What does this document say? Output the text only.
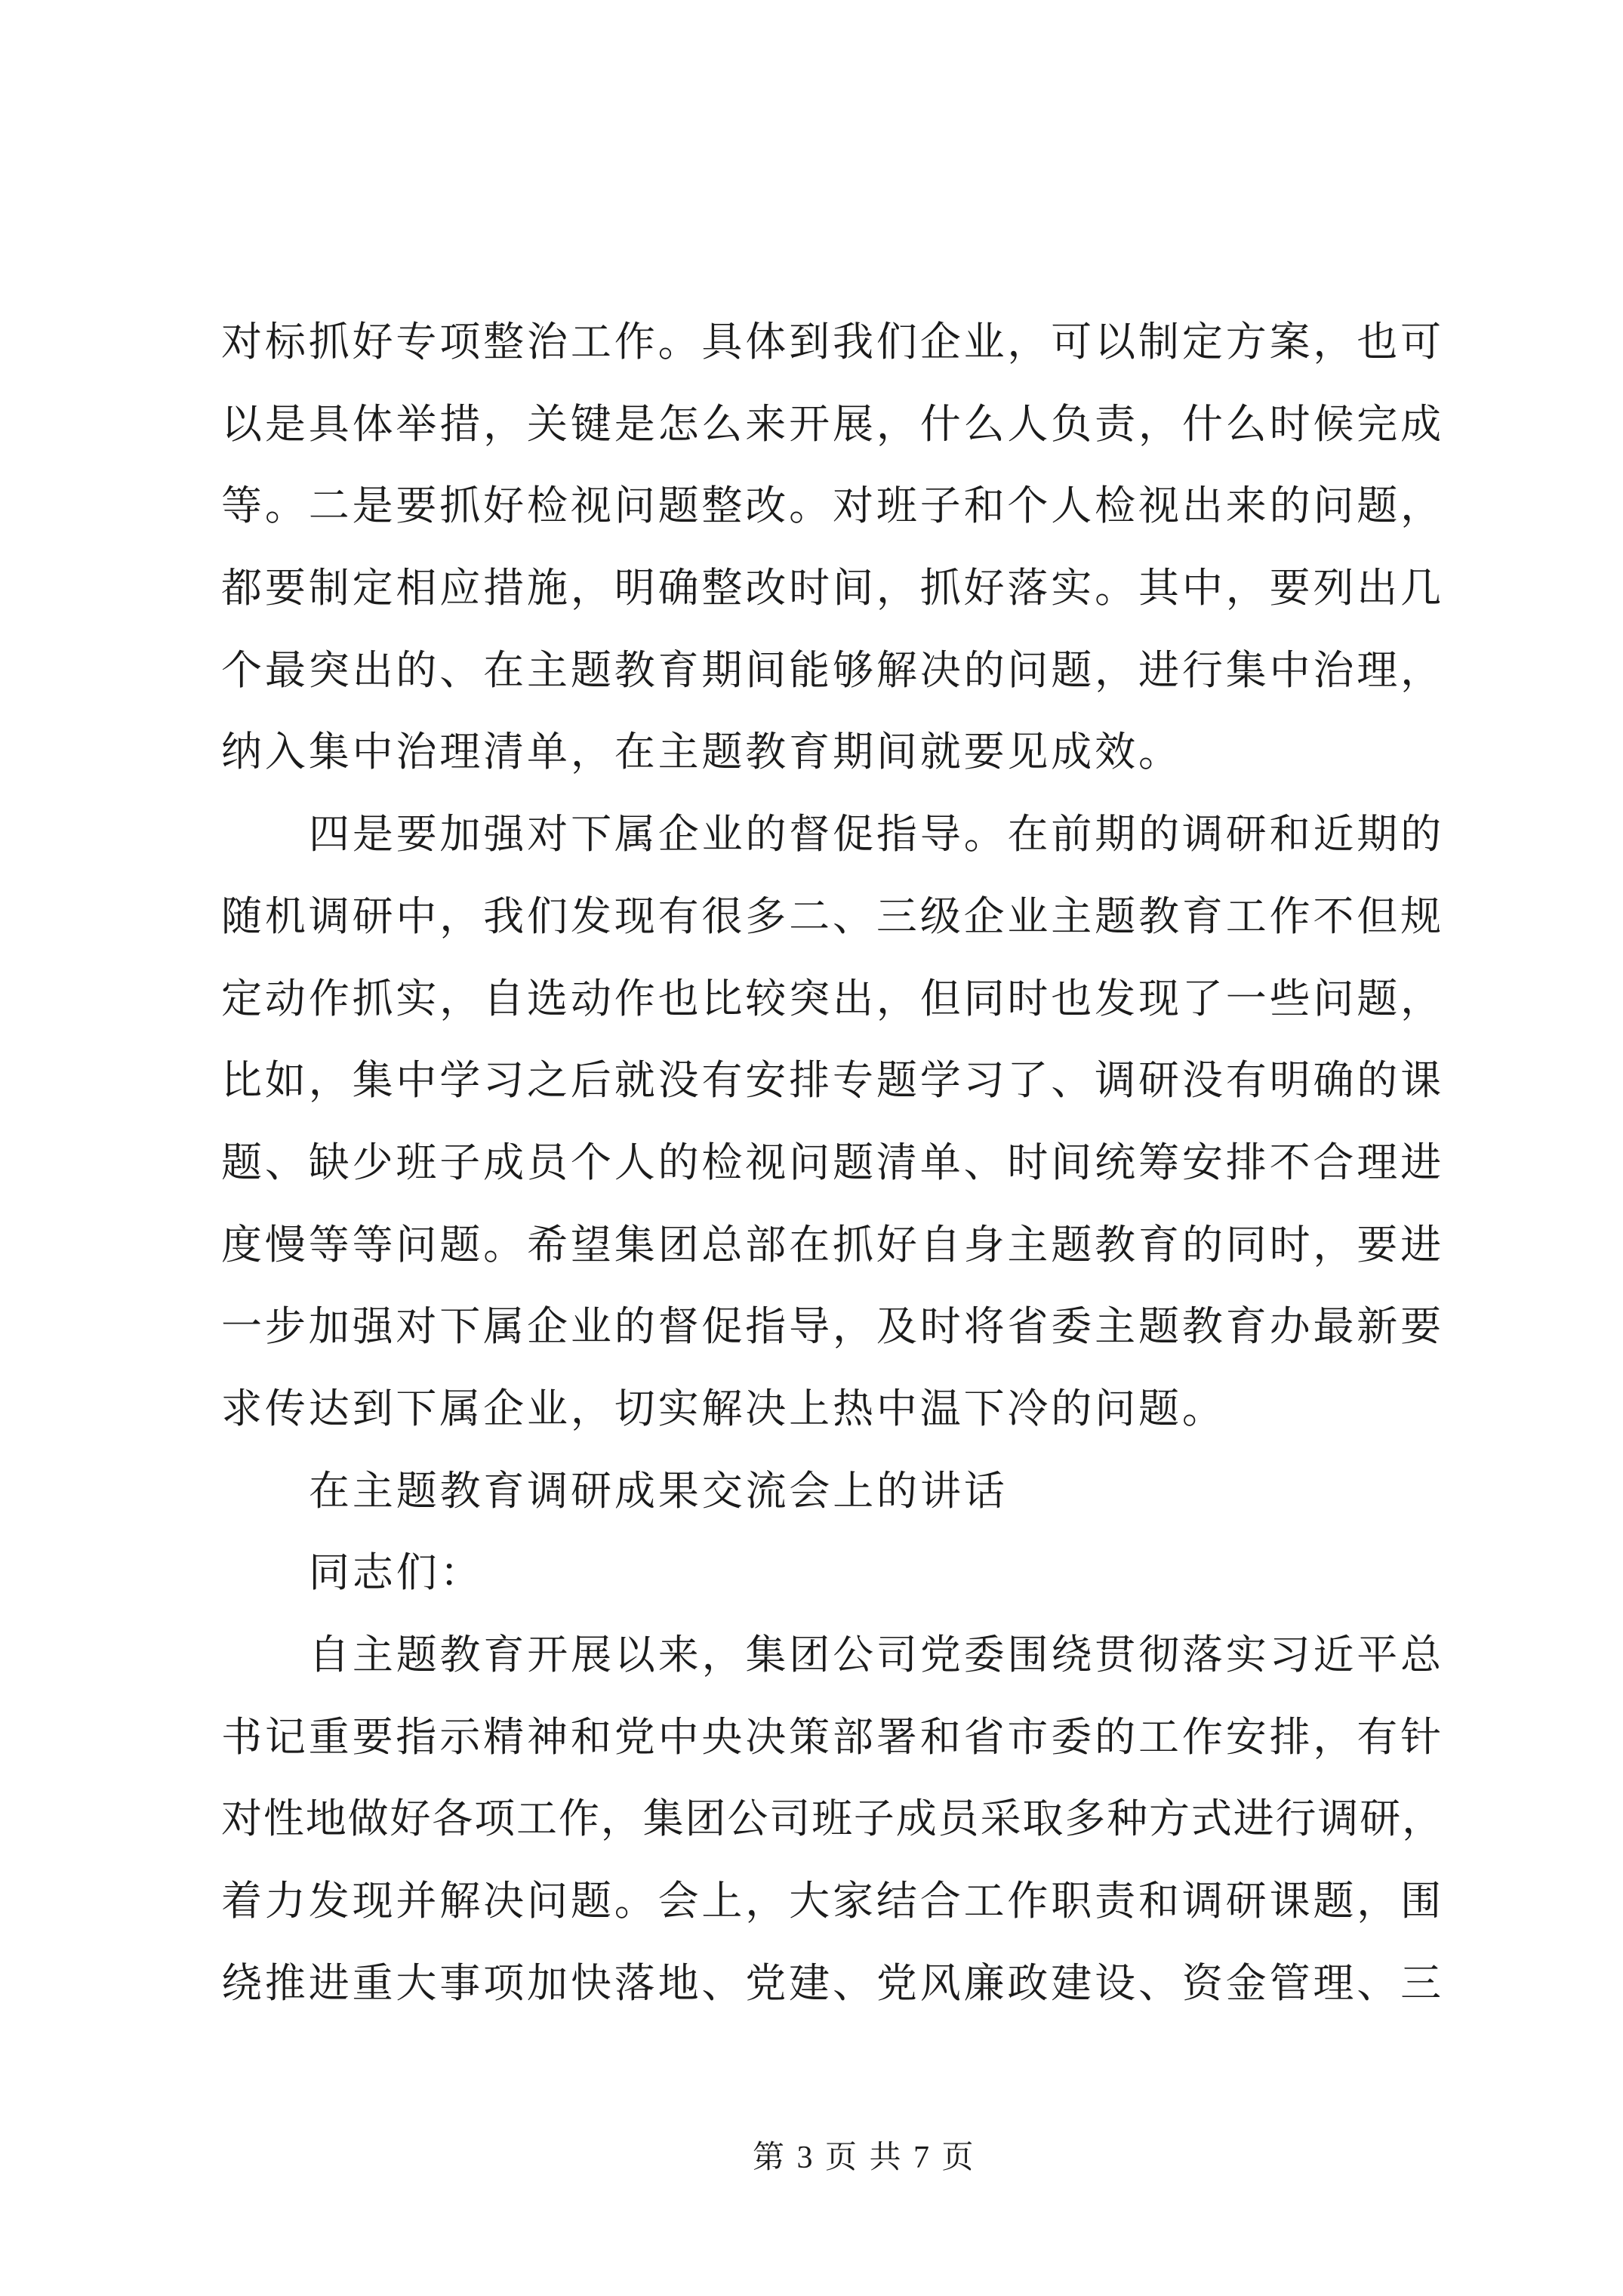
对标抓好专项整治工作。具体到我们企业，可以制定方案，也可
以是具体举措，关键是怎么来开展，什么人负责，什么时候完成
等。二是要抓好检视问题整改。对班子和个人检视出来的问题，
都要制定相应措施，明确整改时间，抓好落实。其中，要列出几
个最突出的、在主题教育期间能够解决的问题，进行集中治理，
纳入集中治理清单，在主题教育期间就要见成效。
四是要加强对下属企业的督促指导。在前期的调研和近期的
随机调研中，我们发现有很多二、三级企业主题教育工作不但规
定动作抓实，自选动作也比较突出，但同时也发现了一些问题，
比如，集中学习之后就没有安排专题学习了、调研没有明确的课
题、缺少班子成员个人的检视问题清单、时间统筹安排不合理进
度慢等等问题。希望集团总部在抓好自身主题教育的同时，要进
一步加强对下属企业的督促指导，及时将省委主题教育办最新要
求传达到下属企业，切实解决上热中温下冷的问题。
在主题教育调研成果交流会上的讲话
同志们：
自主题教育开展以来，集团公司党委围绕贯彻落实习近平总
书记重要指示精神和党中央决策部署和省市委的工作安排，有针
对性地做好各项工作，集团公司班子成员采取多种方式进行调研，
着力发现并解决问题。会上，大家结合工作职责和调研课题，围
绕推进重大事项加快落地、党建、党风廉政建设、资金管理、三
第 3 页 共 7 页
